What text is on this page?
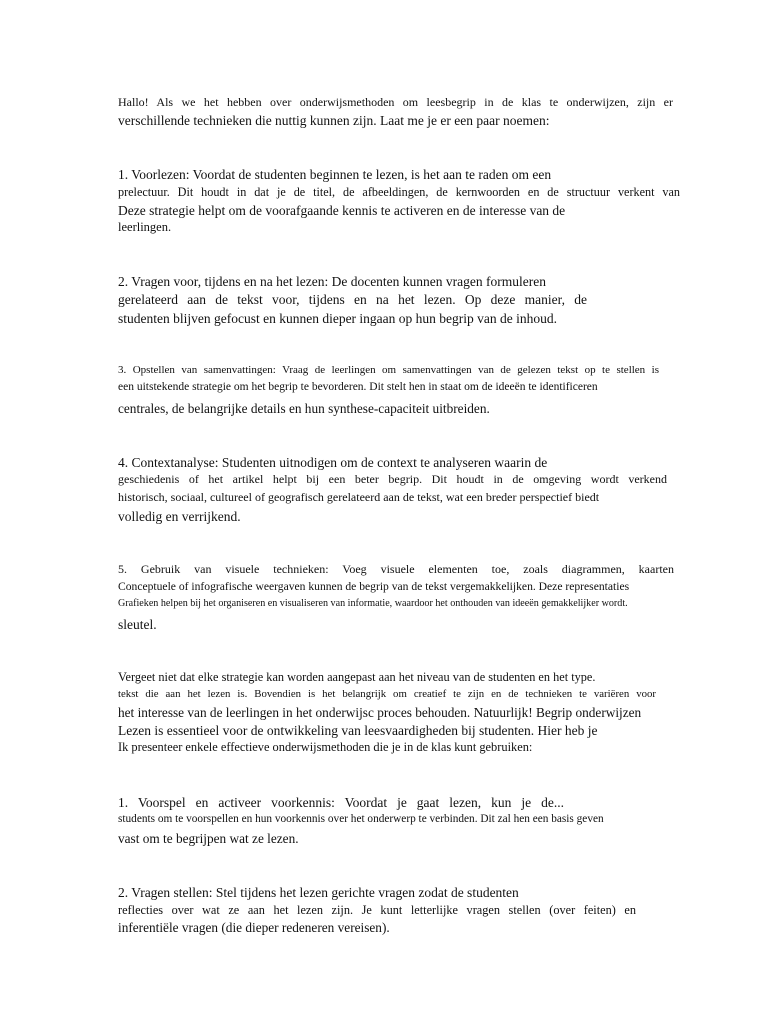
Hallo! Als we het hebben over onderwijsmethoden om leesbegrip in de klas te onderwijzen, zijn er
verschillende technieken die nuttig kunnen zijn. Laat me je er een paar noemen:
1. Voorlezen: Voordat de studenten beginnen te lezen, is het aan te raden om een
prelectuur. Dit houdt in dat je de titel, de afbeeldingen, de kernwoorden en de structuur verkent van
Deze strategie helpt om de voorafgaande kennis te activeren en de interesse van de
leerlingen.
2. Vragen voor, tijdens en na het lezen: De docenten kunnen vragen formuleren
gerelateerd aan de tekst voor, tijdens en na het lezen. Op deze manier, de
studenten blijven gefocust en kunnen dieper ingaan op hun begrip van de inhoud.
3. Opstellen van samenvattingen: Vraag de leerlingen om samenvattingen van de gelezen tekst op te stellen is
een uitstekende strategie om het begrip te bevorderen. Dit stelt hen in staat om de ideeën te identificeren
centrales, de belangrijke details en hun synthese-capaciteit uitbreiden.
4. Contextanalyse: Studenten uitnodigen om de context te analyseren waarin de
geschiedenis of het artikel helpt bij een beter begrip. Dit houdt in de omgeving wordt verkend
historisch, sociaal, cultureel of geografisch gerelateerd aan de tekst, wat een breder perspectief biedt
volledig en verrijkend.
5. Gebruik van visuele technieken: Voeg visuele elementen toe, zoals diagrammen, kaarten
Conceptuele of infografische weergaven kunnen de begrip van de tekst vergemakkelijken. Deze representaties
Grafieken helpen bij het organiseren en visualiseren van informatie, waardoor het onthouden van ideeën gemakkelijker wordt.
sleutel.
Vergeet niet dat elke strategie kan worden aangepast aan het niveau van de studenten en het type.
tekst die aan het lezen is. Bovendien is het belangrijk om creatief te zijn en de technieken te variëren voor
het interesse van de leerlingen in het onderwijsc proces behouden. Natuurlijk! Begrip onderwijzen
Lezen is essentieel voor de ontwikkeling van leesvaardigheden bij studenten. Hier heb je
Ik presenteer enkele effectieve onderwijsmethoden die je in de klas kunt gebruiken:
1. Voorspel en activeer voorkennis: Voordat je gaat lezen, kun je de...
students om te voorspellen en hun voorkennis over het onderwerp te verbinden. Dit zal hen een basis geven
vast om te begrijpen wat ze lezen.
2. Vragen stellen: Stel tijdens het lezen gerichte vragen zodat de studenten
reflecties over wat ze aan het lezen zijn. Je kunt letterlijke vragen stellen (over feiten) en
inferentiële vragen (die dieper redeneren vereisen).
